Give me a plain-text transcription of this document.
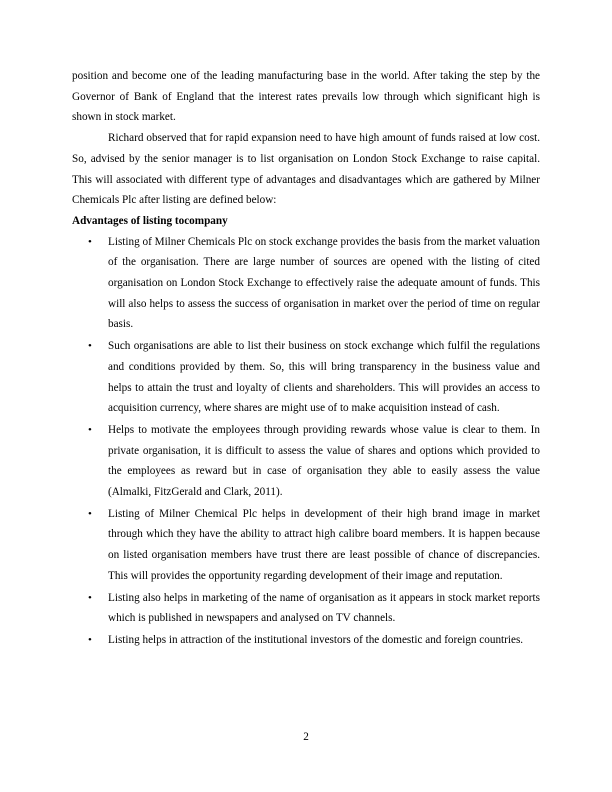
position and become one of the leading manufacturing base in the world. After taking the step by the Governor of Bank of England that the interest rates prevails low through which significant high is shown in stock market.

Richard observed that for rapid expansion need to have high amount of funds raised at low cost. So, advised by the senior manager is to list organisation on London Stock Exchange to raise capital. This will associated with different type of advantages and disadvantages which are gathered by Milner Chemicals Plc after listing are defined below:

Advantages of listing tocompany
• Listing of Milner Chemicals Plc on stock exchange provides the basis from the market valuation of the organisation. There are large number of sources are opened with the listing of cited organisation on London Stock Exchange to effectively raise the adequate amount of funds. This will also helps to assess the success of organisation in market over the period of time on regular basis.
• Such organisations are able to list their business on stock exchange which fulfil the regulations and conditions provided by them. So, this will bring transparency in the business value and helps to attain the trust and loyalty of clients and shareholders. This will provides an access to acquisition currency, where shares are might use of to make acquisition instead of cash.
• Helps to motivate the employees through providing rewards whose value is clear to them. In private organisation, it is difficult to assess the value of shares and options which provided to the employees as reward but in case of organisation they able to easily assess the value (Almalki, FitzGerald and Clark, 2011).
• Listing of Milner Chemical Plc helps in development of their high brand image in market through which they have the ability to attract high calibre board members. It is happen because on listed organisation members have trust there are least possible of chance of discrepancies. This will provides the opportunity regarding development of their image and reputation.
• Listing also helps in marketing of the name of organisation as it appears in stock market reports which is published in newspapers and analysed on TV channels.
• Listing helps in attraction of the institutional investors of the domestic and foreign countries.
2
